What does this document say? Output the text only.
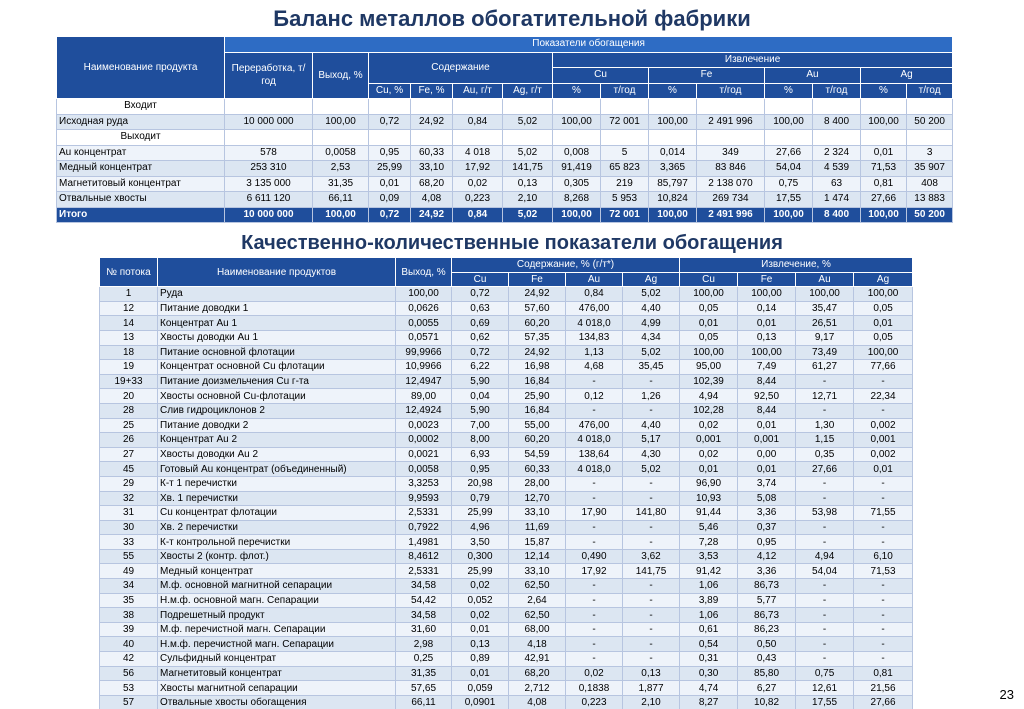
Баланс металлов обогатительной фабрики
Наименование продукта	Показатели обогащения													
	Переработка, т/год	Выход, %	Содержание				Извлечение							
							Cu		Fe		Au		Ag	
			Cu, %	Fe, %	Au, г/т	Ag, г/т	%	т/год	%	т/год	%	т/год	%	т/год
Входит														
Исходная руда	10 000 000	100,00	0,72	24,92	0,84	5,02	100,00	72 001	100,00	2 491 996	100,00	8 400	100,00	50 200
Выходит														
Au концентрат	578	0,0058	0,95	60,33	4 018	5,02	0,008	5	0,014	349	27,66	2 324	0,01	3
Медный концентрат	253 310	2,53	25,99	33,10	17,92	141,75	91,419	65 823	3,365	83 846	54,04	4 539	71,53	35 907
Магнетитовый концентрат	3 135 000	31,35	0,01	68,20	0,02	0,13	0,305	219	85,797	2 138 070	0,75	63	0,81	408
Отвальные хвосты	6 611 120	66,11	0,09	4,08	0,223	2,10	8,268	5 953	10,824	269 734	17,55	1 474	27,66	13 883
Итого	10 000 000	100,00	0,72	24,92	0,84	5,02	100,00	72 001	100,00	2 491 996	100,00	8 400	100,00	50 200
Качественно-количественные показатели обогащения
№ потока	Наименование продуктов	Выход, %	Содержание, % (г/т*)				Извлечение, %			
			Cu	Fe	Au	Ag	Cu	Fe	Au	Ag
1	Руда	100,00	0,72	24,92	0,84	5,02	100,00	100,00	100,00	100,00
12	Питание доводки 1	0,0626	0,63	57,60	476,00	4,40	0,05	0,14	35,47	0,05
14	Концентрат Au 1	0,0055	0,69	60,20	4 018,0	4,99	0,01	0,01	26,51	0,01
13	Хвосты доводки Au 1	0,0571	0,62	57,35	134,83	4,34	0,05	0,13	9,17	0,05
18	Питание основной флотации	99,9966	0,72	24,92	1,13	5,02	100,00	100,00	73,49	100,00
19	Концентрат основной Cu флотации	10,9966	6,22	16,98	4,68	35,45	95,00	7,49	61,27	77,66
19+33	Питание доизмельчения Cu г-та	12,4947	5,90	16,84	-	-	102,39	8,44	-	-
20	Хвосты основной Cu-флотации	89,00	0,04	25,90	0,12	1,26	4,94	92,50	12,71	22,34
28	Слив гидроциклонов 2	12,4924	5,90	16,84	-	-	102,28	8,44	-	-
25	Питание доводки 2	0,0023	7,00	55,00	476,00	4,40	0,02	0,01	1,30	0,002
26	Концентрат Au 2	0,0002	8,00	60,20	4 018,0	5,17	0,001	0,001	1,15	0,001
27	Хвосты доводки Au 2	0,0021	6,93	54,59	138,64	4,30	0,02	0,00	0,35	0,002
45	Готовый Au концентрат (объединенный)	0,0058	0,95	60,33	4 018,0	5,02	0,01	0,01	27,66	0,01
29	К-т 1 перечистки	3,3253	20,98	28,00	-	-	96,90	3,74	-	-
32	Хв. 1 перечистки	9,9593	0,79	12,70	-	-	10,93	5,08	-	-
31	Cu концентрат флотации	2,5331	25,99	33,10	17,90	141,80	91,44	3,36	53,98	71,55
30	Хв. 2 перечистки	0,7922	4,96	11,69	-	-	5,46	0,37	-	-
33	К-т контрольной перечистки	1,4981	3,50	15,87	-	-	7,28	0,95	-	-
55	Хвосты 2 (контр. флот.)	8,4612	0,300	12,14	0,490	3,62	3,53	4,12	4,94	6,10
49	Медный концентрат	2,5331	25,99	33,10	17,92	141,75	91,42	3,36	54,04	71,53
34	М.ф. основной магнитной сепарации	34,58	0,02	62,50	-	-	1,06	86,73	-	-
35	Н.м.ф. основной магн. Сепарации	54,42	0,052	2,64	-	-	3,89	5,77	-	-
38	Подрешетный продукт	34,58	0,02	62,50	-	-	1,06	86,73	-	-
39	М.ф. перечистной магн. Сепарации	31,60	0,01	68,00	-	-	0,61	86,23	-	-
40	Н.м.ф. перечистной магн. Сепарации	2,98	0,13	4,18	-	-	0,54	0,50	-	-
42	Сульфидный концентрат	0,25	0,89	42,91	-	-	0,31	0,43	-	-
56	Магнетитовый концентрат	31,35	0,01	68,20	0,02	0,13	0,30	85,80	0,75	0,81
53	Хвосты магнитной сепарации	57,65	0,059	2,712	0,1838	1,877	4,74	6,27	12,61	21,56
57	Отвальные хвосты обогащения	66,11	0,0901	4,08	0,223	2,10	8,27	10,82	17,55	27,66
23
